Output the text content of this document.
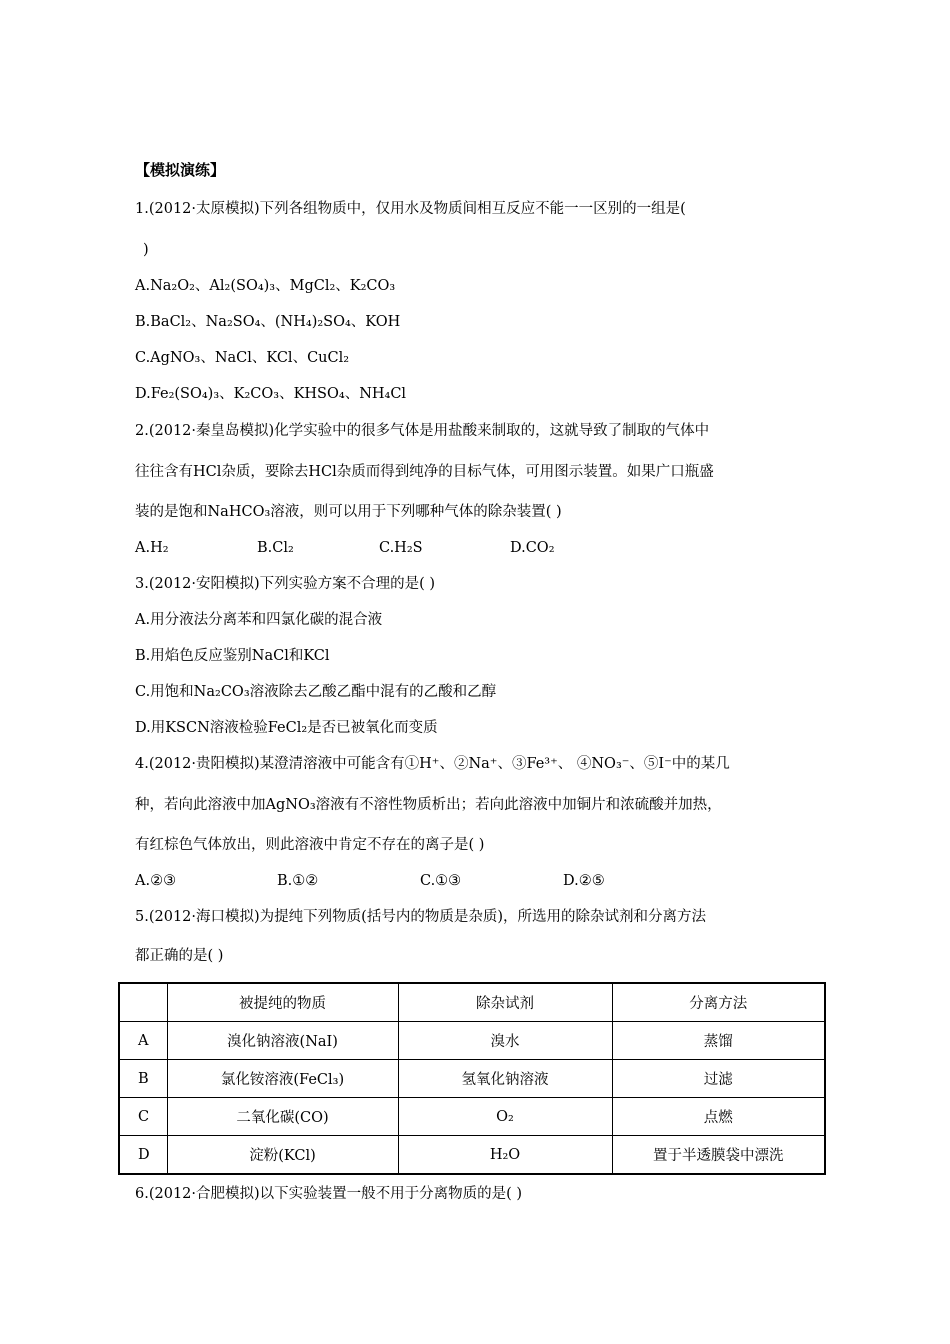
【模拟演练】
1.(2012·太原模拟)下列各组物质中，仅用水及物质间相互反应不能一一区别的一组是(
)
A.Na₂O₂、Al₂(SO₄)₃、MgCl₂、K₂CO₃
B.BaCl₂、Na₂SO₄、(NH₄)₂SO₄、KOH
C.AgNO₃、NaCl、KCl、CuCl₂
D.Fe₂(SO₄)₃、K₂CO₃、KHSO₄、NH₄Cl
2.(2012·秦皇岛模拟)化学实验中的很多气体是用盐酸来制取的，这就导致了制取的气体中
往往含有HCl杂质，要除去HCl杂质而得到纯净的目标气体，可用图示装置。如果广口瓶盛
装的是饱和NaHCO₃溶液，则可以用于下列哪种气体的除杂装置( )
A.H₂	B.Cl₂	C.H₂S	D.CO₂
3.(2012·安阳模拟)下列实验方案不合理的是( )
A.用分液法分离苯和四氯化碳的混合液
B.用焰色反应鉴别NaCl和KCl
C.用饱和Na₂CO₃溶液除去乙酸乙酯中混有的乙酸和乙醇
D.用KSCN溶液检验FeCl₂是否已被氧化而变质
4.(2012·贵阳模拟)某澄清溶液中可能含有①H⁺、②Na⁺、③Fe³⁺、 ④NO₃⁻、⑤I⁻中的某几
种，若向此溶液中加AgNO₃溶液有不溶性物质析出；若向此溶液中加铜片和浓硫酸并加热，
有红棕色气体放出，则此溶液中肯定不存在的离子是( )
A.②③	B.①②	C.①③	D.②⑤
5.(2012·海口模拟)为提纯下列物质(括号内的物质是杂质)，所选用的除杂试剂和分离方法
都正确的是( )
	被提纯的物质	除杂试剂	分离方法
A	溴化钠溶液(NaI)	溴水	蒸馏
B	氯化铵溶液(FeCl₃)	氢氧化钠溶液	过滤
C	二氧化碳(CO)	O₂	点燃
D	淀粉(KCl)	H₂O	置于半透膜袋中漂洗
6.(2012·合肥模拟)以下实验装置一般不用于分离物质的是( )
